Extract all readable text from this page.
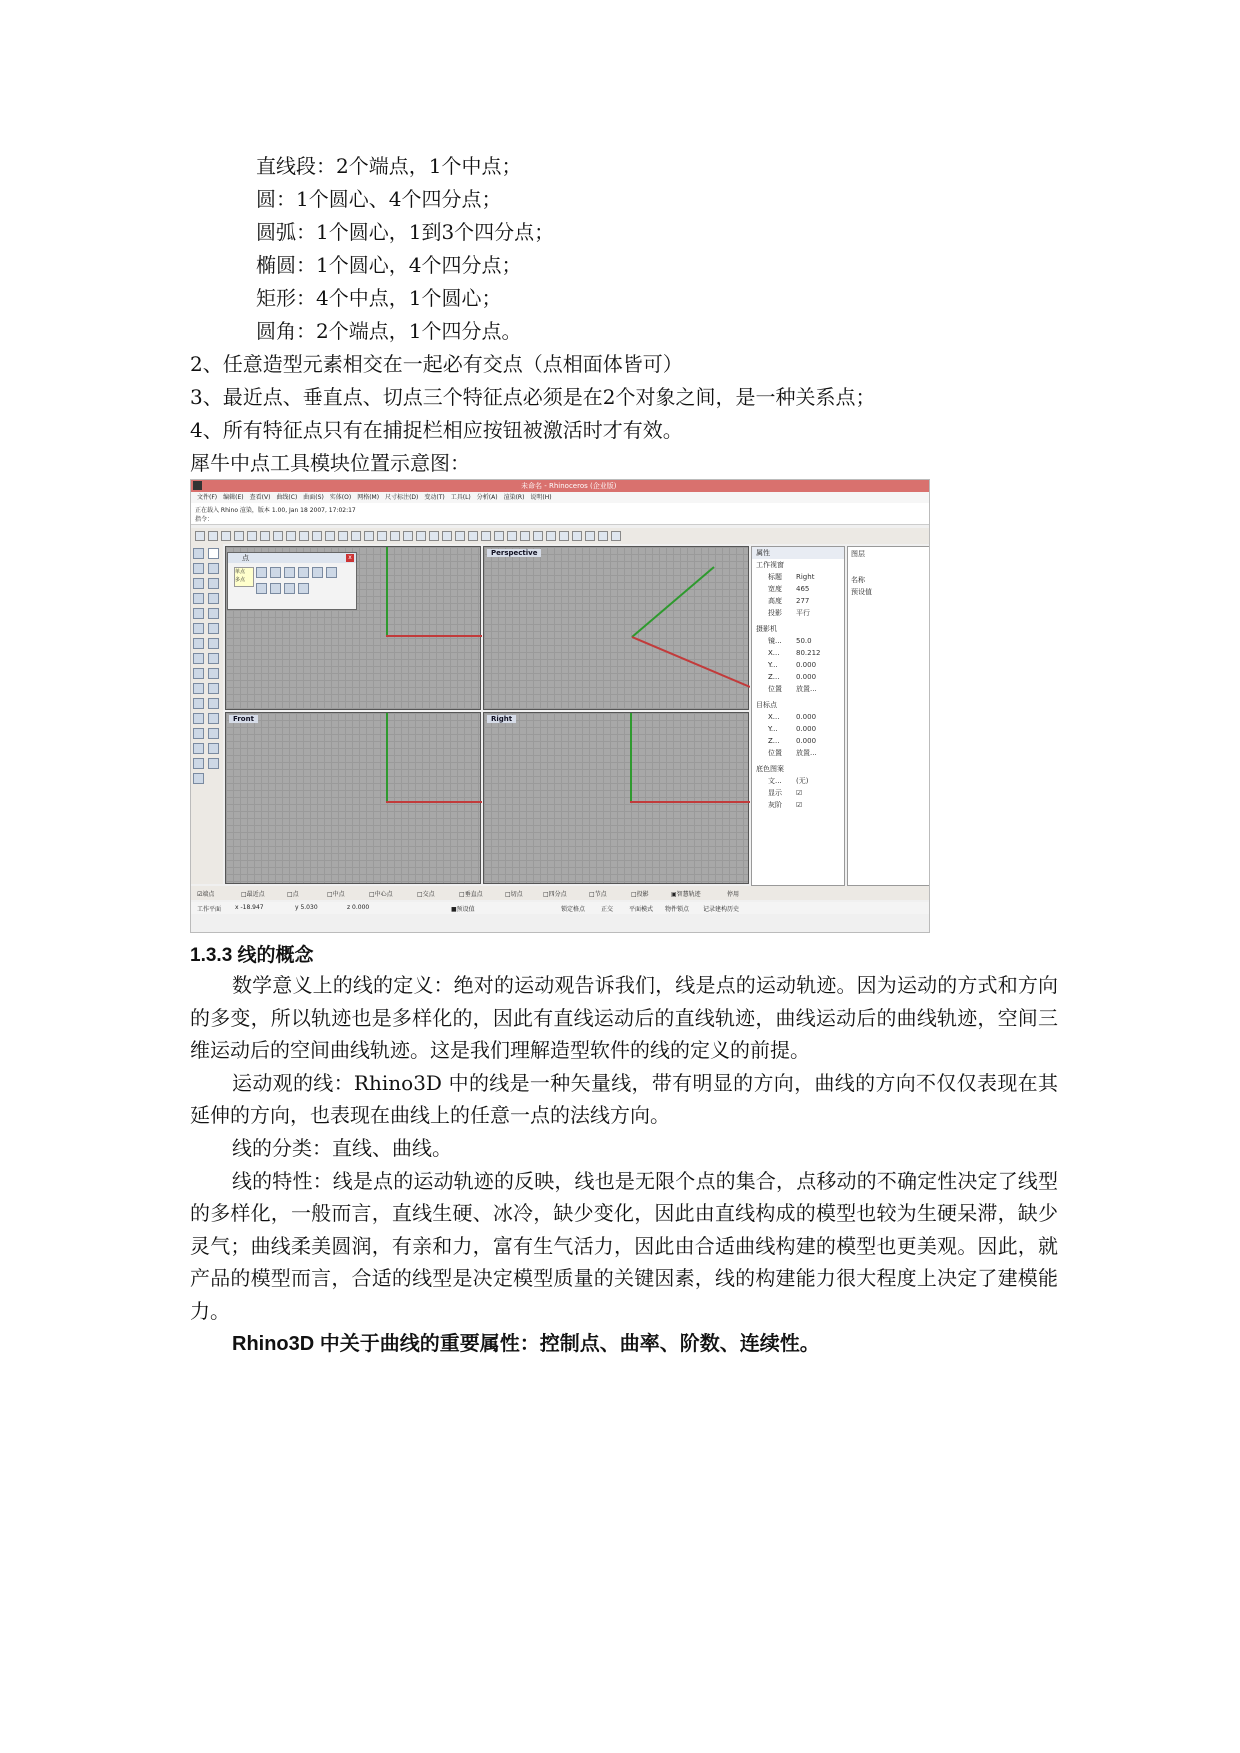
直线段：2个端点，1个中点；
圆：1个圆心、4个四分点；
圆弧：1个圆心，1到3个四分点；
椭圆：1个圆心，4个四分点；
矩形：4个中点，1个圆心；
圆角：2个端点，1个四分点。
2、任意造型元素相交在一起必有交点（点相面体皆可）
3、最近点、垂直点、切点三个特征点必须是在2个对象之间，是一种关系点；
4、所有特征点只有在捕捉栏相应按钮被激活时才有效。
犀牛中点工具模块位置示意图：
未命名 - Rhinoceros (企业版)
文件(F) 编辑(E) 查看(V) 曲线(C) 曲面(S) 实体(O) 网格(M) 尺寸标注(D) 变动(T) 工具(L) 分析(A) 渲染(R) 说明(H)
正在载入 Rhino 渲染，版本 1.00, Jan 18 2007, 17:02:17
指令：
Perspective
Front	Right
点	x
单点
多点
属性
工作视窗
标题 Right
宽度 465
高度 277
投影 平行
摄影机
镜... 50.0
X... 80.212
Y...	0.000
Z... 0.000
位置 放置...
目标点
X... 0.000
Y...	0.000
Z... 0.000
位置 放置...
底色图案
文... (无)
显示 ☑
灰阶 ☑
图层
名称
预设值
☑端点	□最近点	□点	□中点	□中心点	□交点	□垂直点	□切点	□四分点	□节点	□投影	▣智慧轨迹	停用
工作平面 x -18.947	y 5.030	z 0.000	■预设值	锁定格点	正交	平面模式 物件锁点 记录建构历史
1.3.3 线的概念

数学意义上的线的定义：绝对的运动观告诉我们，线是点的运动轨迹。因为运动的方式和方向的多变，所以轨迹也是多样化的，因此有直线运动后的直线轨迹，曲线运动后的曲线轨迹，空间三维运动后的空间曲线轨迹。这是我们理解造型软件的线的定义的前提。

运动观的线：Rhino3D 中的线是一种矢量线，带有明显的方向，曲线的方向不仅仅表现在其延伸的方向，也表现在曲线上的任意一点的法线方向。

线的分类：直线、曲线。

线的特性：线是点的运动轨迹的反映，线也是无限个点的集合，点移动的不确定性决定了线型的多样化，一般而言，直线生硬、冰冷，缺少变化，因此由直线构成的模型也较为生硬呆滞，缺少灵气；曲线柔美圆润，有亲和力，富有生气活力，因此由合适曲线构建的模型也更美观。因此，就产品的模型而言，合适的线型是决定模型质量的关键因素，线的构建能力很大程度上决定了建模能力。

Rhino3D 中关于曲线的重要属性：控制点、曲率、阶数、连续性。
